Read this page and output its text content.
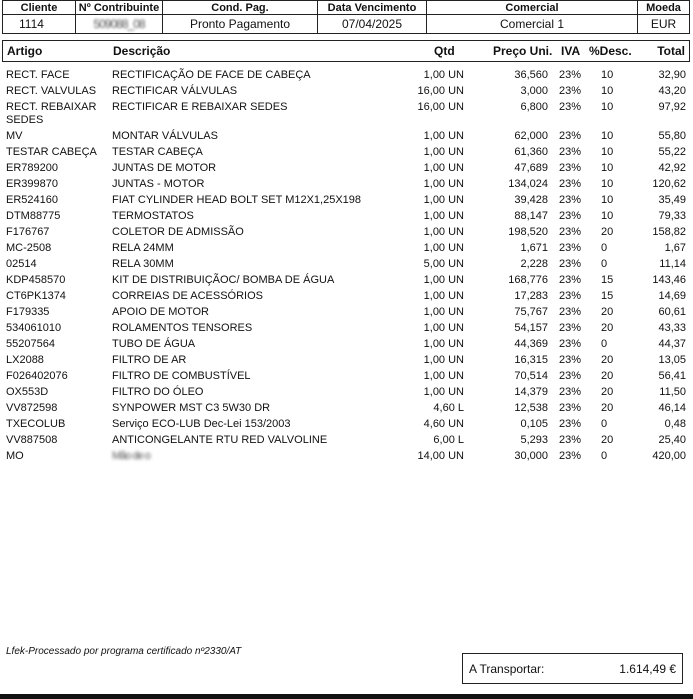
Cliente	Nº Contribuinte	Cond. Pag.	Data Vencimento	Comercial	Moeda
1114	509088_08	Pronto Pagamento	07/04/2025	Comercial 1	EUR
Artigo	Descrição	Qtd	Preço Uni. IVA %Desc. Total
RECT. FACE	RECTIFICAÇÃO DE FACE DE CABEÇA	1,00 UN	36,560 23% 10	32,90
RECT. VALVULAS	RECTIFICAR VÁLVULAS	16,00 UN	3,000 23% 10	43,20
RECT. REBAIXAR SEDES
RECTIFICAR E REBAIXAR SEDES	16,00 UN	6,800 23% 10	97,92
MV	MONTAR VÁLVULAS	1,00 UN	62,000 23% 10	55,80
TESTAR CABEÇA	TESTAR CABEÇA	1,00 UN	61,360 23% 10	55,22
ER789200	JUNTAS DE MOTOR	1,00 UN	47,689 23% 10	42,92
ER399870	JUNTAS - MOTOR	1,00 UN	134,024 23% 10	120,62
ER524160	FIAT CYLINDER HEAD BOLT SET M12X1,25X198	1,00 UN	39,428 23% 10	35,49
DTM88775	TERMOSTATOS	1,00 UN	88,147 23% 10	79,33
F176767	COLETOR DE ADMISSÃO	1,00 UN	198,520 23% 20	158,82
MC-2508	RELA 24MM	1,00 UN	1,671 23% 0	1,67
02514	RELA 30MM	5,00 UN	2,228 23% 0	11,14
KDP458570	KIT DE DISTRIBUIÇÃOC/ BOMBA DE ÁGUA	1,00 UN	168,776 23% 15	143,46
CT6PK1374	CORREIAS DE ACESSÓRIOS	1,00 UN	17,283 23% 15	14,69
F179335	APOIO DE MOTOR	1,00 UN	75,767 23% 20	60,61
534061010	ROLAMENTOS TENSORES	1,00 UN	54,157 23% 20	43,33
55207564	TUBO DE ÁGUA	1,00 UN	44,369 23% 0	44,37
LX2088	FILTRO DE AR	1,00 UN	16,315 23% 20	13,05
F026402076	FILTRO DE COMBUSTÍVEL	1,00 UN	70,514 23% 20	56,41
OX553D	FILTRO DO ÓLEO	1,00 UN	14,379 23% 20	11,50
VV872598	SYNPOWER MST C3 5W30 DR	4,60 L	12,538 23% 20	46,14
TXECOLUB	Serviço ECO-LUB Dec-Lei 153/2003	4,60 UN	0,105 23% 0	0,48
VV887508	ANTICONGELANTE RTU RED VALVOLINE	6,00 L	5,293 23% 20	25,40
MO	Mão de o	14,00 UN	30,000 23% 0	420,00
Lfek-Processado por programa certificado nº2330/AT
A Transportar:	1.614,49 €
